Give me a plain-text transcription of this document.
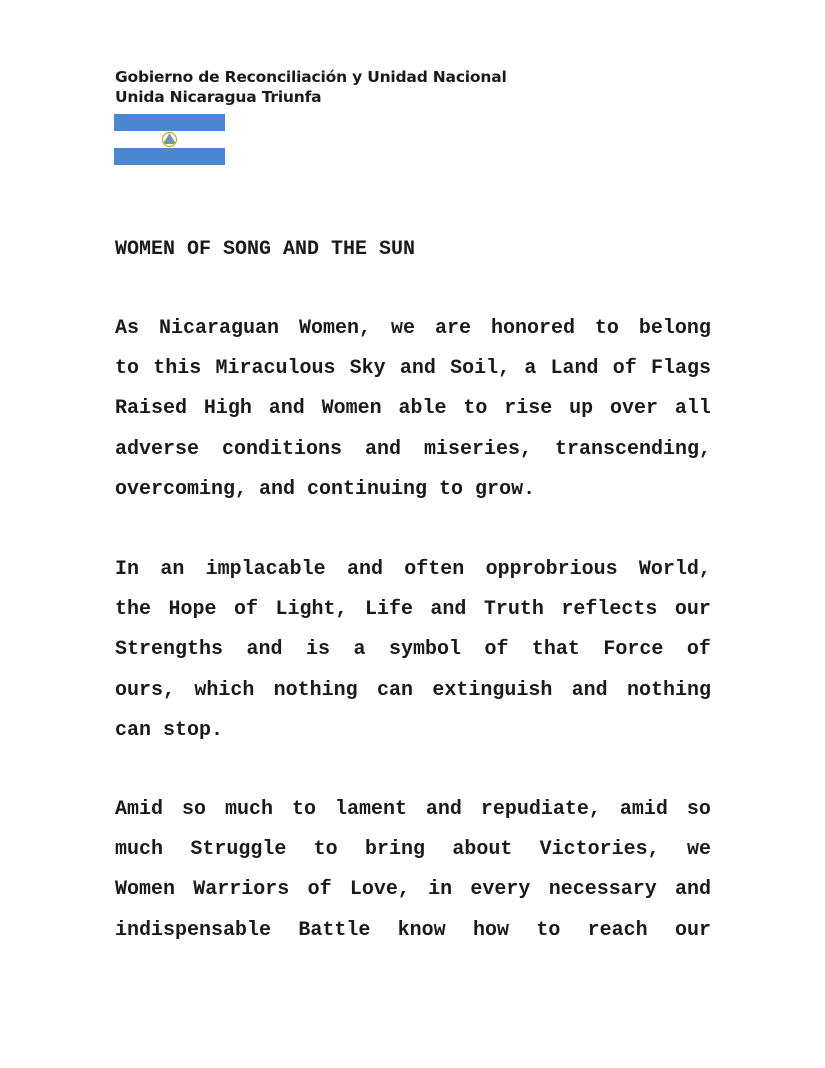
Gobierno de Reconciliación y Unidad Nacional
Unida Nicaragua Triunfa
WOMEN OF SONG AND THE SUN
As Nicaraguan Women, we are honored to belong
to this Miraculous Sky and Soil, a Land of Flags
Raised High and Women able to rise up over all
adverse conditions and miseries, transcending,
overcoming, and continuing to grow.
In an implacable and often opprobrious World,
the Hope of Light, Life and Truth reflects our
Strengths and is a symbol of that Force of
ours, which nothing can extinguish and nothing
can stop.
Amid so much to lament and repudiate, amid so
much Struggle to bring about Victories, we
Women Warriors of Love, in every necessary and
indispensable Battle know how to reach our
